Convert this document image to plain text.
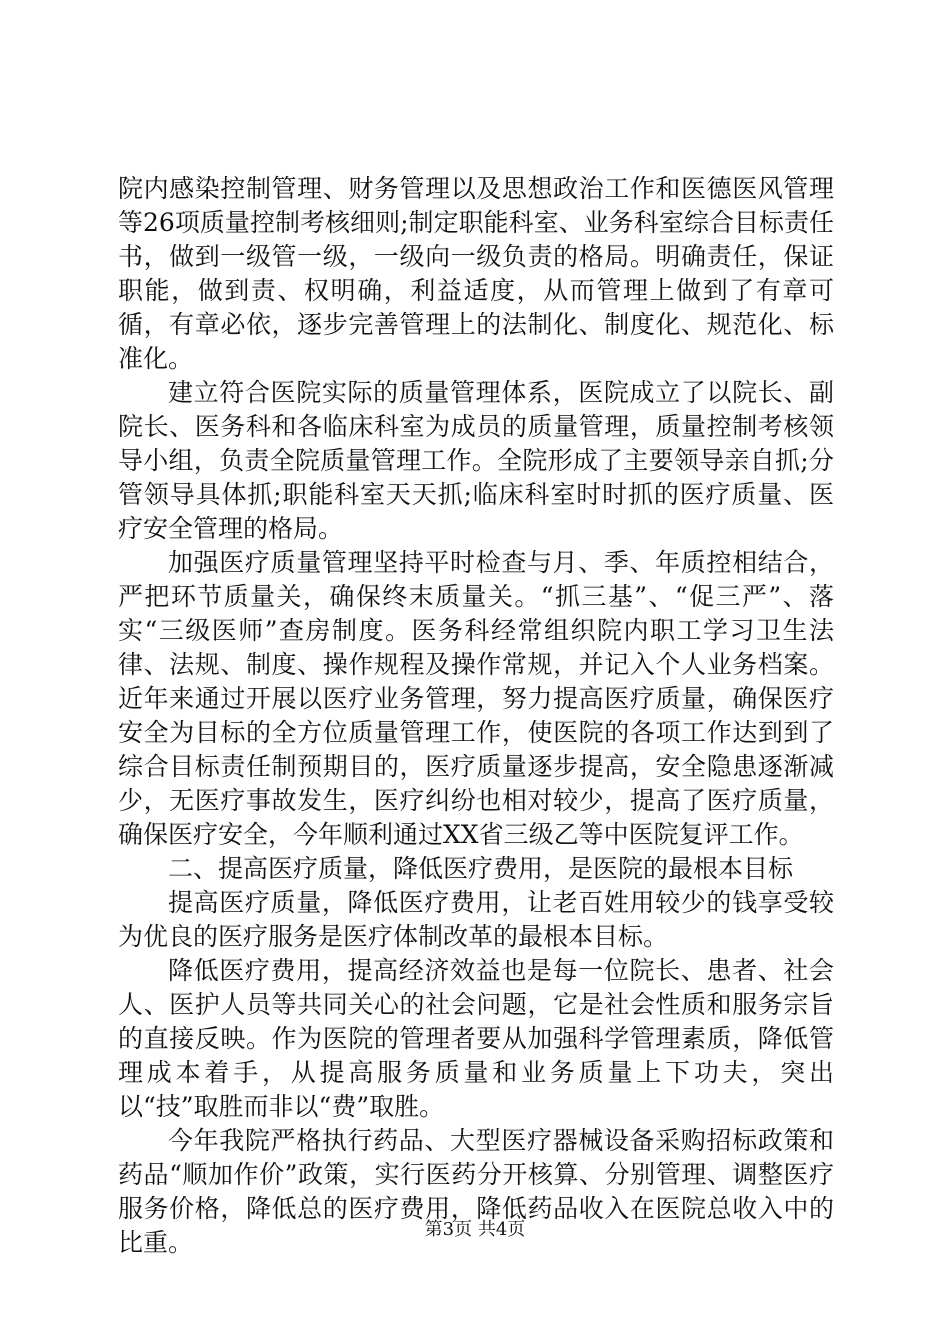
院内感染控制管理、财务管理以及思想政治工作和医德医风管理等26项质量控制考核细则;制定职能科室、业务科室综合目标责任书，做到一级管一级，一级向一级负责的格局。明确责任，保证职能，做到责、权明确，利益适度，从而管理上做到了有章可循，有章必依，逐步完善管理上的法制化、制度化、规范化、标准化。

建立符合医院实际的质量管理体系，医院成立了以院长、副院长、医务科和各临床科室为成员的质量管理，质量控制考核领导小组，负责全院质量管理工作。全院形成了主要领导亲自抓;分管领导具体抓;职能科室天天抓;临床科室时时抓的医疗质量、医疗安全管理的格局。

加强医疗质量管理坚持平时检查与月、季、年质控相结合，严把环节质量关，确保终末质量关。“抓三基”、“促三严”、落实“三级医师”查房制度。医务科经常组织院内职工学习卫生法律、法规、制度、操作规程及操作常规，并记入个人业务档案。近年来通过开展以医疗业务管理，努力提高医疗质量，确保医疗安全为目标的全方位质量管理工作，使医院的各项工作达到到了综合目标责任制预期目的，医疗质量逐步提高，安全隐患逐渐减少，无医疗事故发生，医疗纠纷也相对较少，提高了医疗质量，确保医疗安全，今年顺利通过XX省三级乙等中医院复评工作。

二、提高医疗质量，降低医疗费用，是医院的最根本目标

提高医疗质量，降低医疗费用，让老百姓用较少的钱享受较为优良的医疗服务是医疗体制改革的最根本目标。

降低医疗费用，提高经济效益也是每一位院长、患者、社会人、医护人员等共同关心的社会问题，它是社会性质和服务宗旨的直接反映。作为医院的管理者要从加强科学管理素质，降低管理成本着手，从提高服务质量和业务质量上下功夫，突出以“技”取胜而非以“费”取胜。

今年我院严格执行药品、大型医疗器械设备采购招标政策和药品“顺加作价”政策，实行医药分开核算、分别管理、调整医疗服务价格，降低总的医疗费用，降低药品收入在医院总收入中的比重。	第3页 共4页
